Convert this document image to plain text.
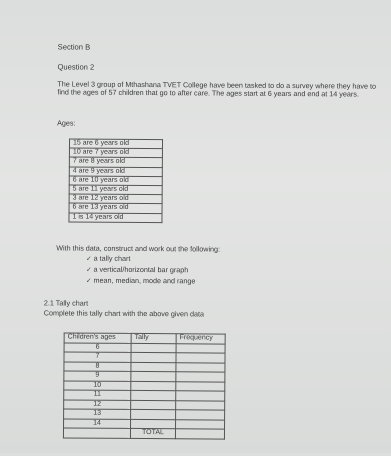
Section B
Question 2
The Level 3 group of Mthashana TVET College have been tasked to do a survey where they have to find the ages of 57 children that go to after care. The ages start at 6 years and end at 14 years.
Ages:
15 are 6 years old
10 are 7 years old
7 are 8 years old
4 are 9 years old
6 are 10 years old
5 are 11 years old
3 are 12 years old
6 are 13 years old
1 is 14 years old
With this data, construct and work out the following:
✓ a tally chart
✓ a vertical/horizontal bar graph
✓ mean, median, mode and range
2.1 Tally chart
Complete this tally chart with the above given data
Children's ages	Tally	Frequency
6		
7		
8		
9		
10		
11		
12		
13		
14		
	TOTAL	
